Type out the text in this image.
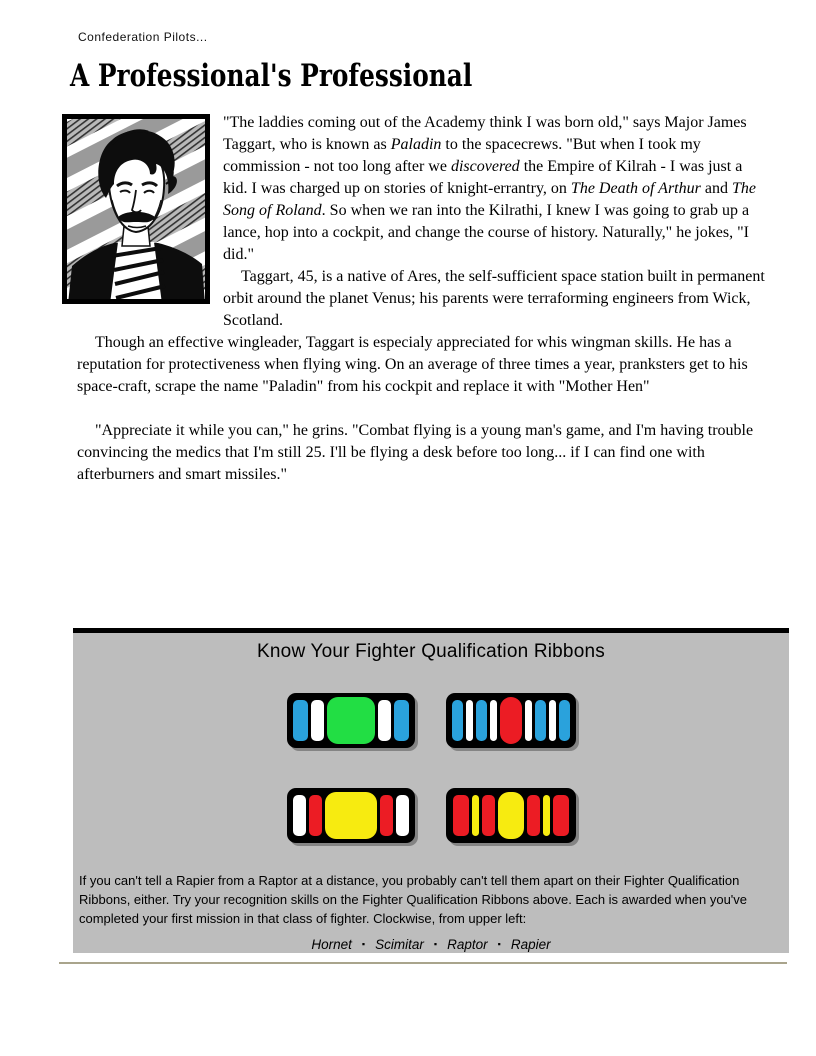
Confederation Pilots...
A Professional's Professional

"The laddies coming out of the Academy think I was born old," says Major James Taggart, who is known as Paladin to the spacecrews. "But when I took my commission - not too long after we discovered the Empire of Kilrah - I was just a kid. I was charged up on stories of knight-errantry, on The Death of Arthur and The Song of Roland. So when we ran into the Kilrathi, I knew I was going to grab up a lance, hop into a cockpit, and change the course of history. Naturally," he jokes, "I did."

Taggart, 45, is a native of Ares, the self-sufficient space station built in permanent orbit around the planet Venus; his parents were terraforming engineers from Wick, Scotland.

Though an effective wingleader, Taggart is especialy appreciated for whis wingman skills. He has a reputation for protectiveness when flying wing. On an average of three times a year, pranksters get to his space-craft, scrape the name "Paladin" from his cockpit and replace it with "Mother Hen"

"Appreciate it while you can," he grins. "Combat flying is a young man's game, and I'm having trouble convincing the medics that I'm still 25. I'll be flying a desk before too long... if I can find one with afterburners and smart missiles."

Know Your Fighter Qualification Ribbons

If you can't tell a Rapier from a Raptor at a distance, you probably can't tell them apart on their Fighter Qualification Ribbons, either. Try your recognition skills on the Fighter Qualification Ribbons above. Each is awarded when you've completed your first mission in that class of fighter. Clockwise, from upper left:

Hornet ▪ Scimitar ▪ Raptor ▪ Rapier
